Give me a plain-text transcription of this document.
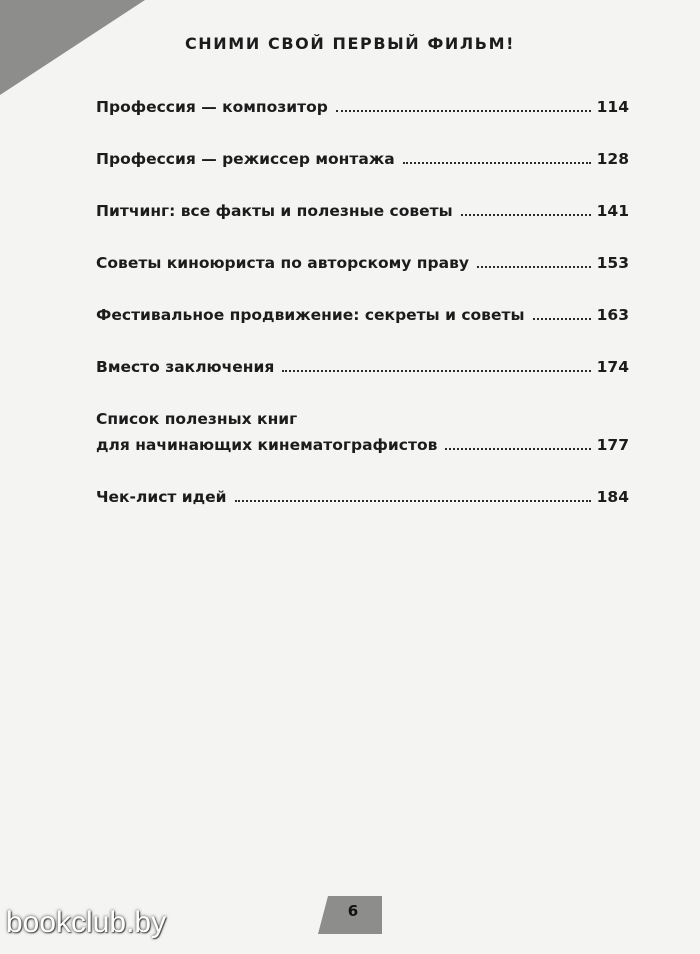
СНИМИ СВОЙ ПЕРВЫЙ ФИЛЬМ!
Профессия — композитор	114
Профессия — режиссер монтажа	128
Питчинг: все факты и полезные советы	141
Советы киноюриста по авторскому праву	153
Фестивальное продвижение: секреты и советы	163
Вместо заключения	174
Список полезных книг
для начинающих кинематографистов	177
Чек-лист идей	184
6
bookclub.by
